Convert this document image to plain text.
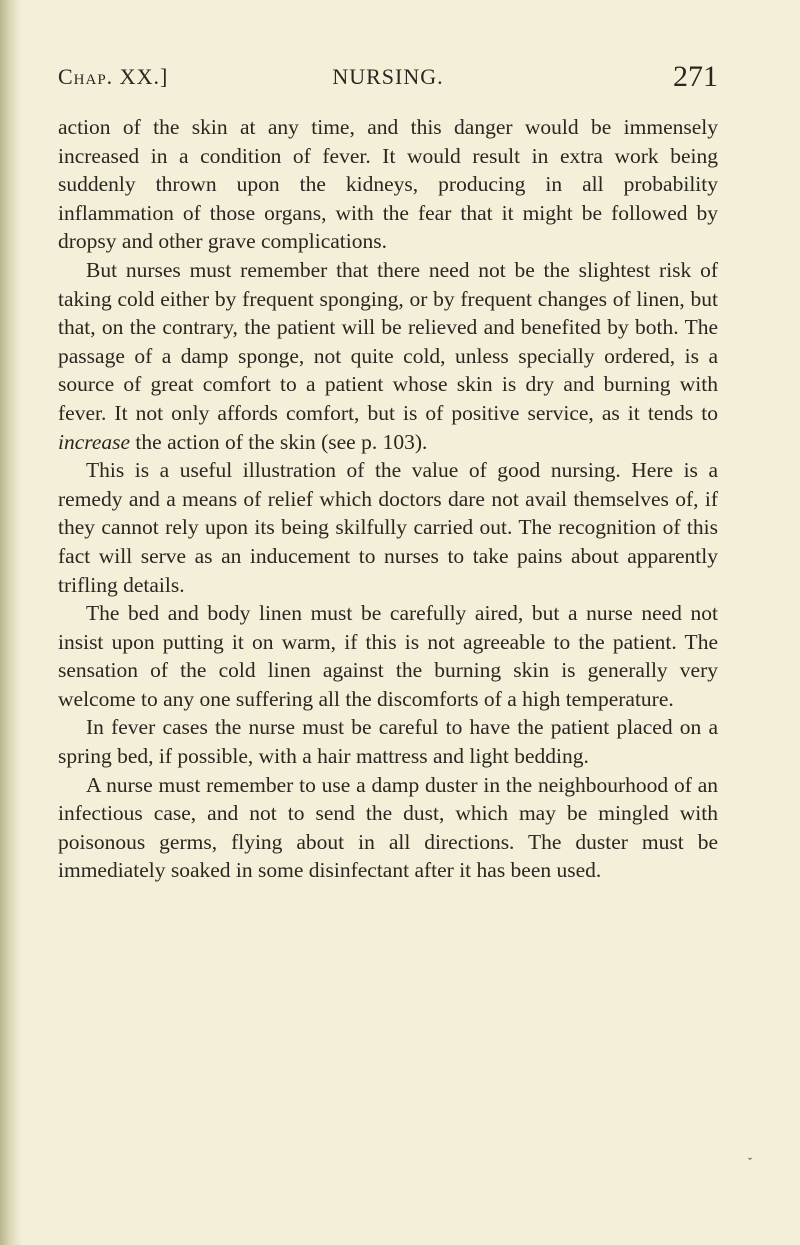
Chap. XX.]	NURSING.	271

action of the skin at any time, and this danger would be immensely increased in a condition of fever. It would result in extra work being suddenly thrown upon the kidneys, producing in all probability inflammation of those organs, with the fear that it might be followed by dropsy and other grave complications.

But nurses must remember that there need not be the slightest risk of taking cold either by frequent sponging, or by frequent changes of linen, but that, on the contrary, the patient will be relieved and benefited by both. The passage of a damp sponge, not quite cold, unless specially ordered, is a source of great comfort to a patient whose skin is dry and burning with fever. It not only affords comfort, but is of positive service, as it tends to increase the action of the skin (see p. 103).

This is a useful illustration of the value of good nursing. Here is a remedy and a means of relief which doctors dare not avail themselves of, if they cannot rely upon its being skilfully carried out. The recognition of this fact will serve as an inducement to nurses to take pains about apparently trifling details.

The bed and body linen must be carefully aired, but a nurse need not insist upon putting it on warm, if this is not agreeable to the patient. The sensation of the cold linen against the burning skin is generally very welcome to any one suffering all the discomforts of a high temperature.

In fever cases the nurse must be careful to have the patient placed on a spring bed, if possible, with a hair mattress and light bedding.

A nurse must remember to use a damp duster in the neighbourhood of an infectious case, and not to send the dust, which may be mingled with poisonous germs, flying about in all directions. The duster must be immediately soaked in some disinfectant after it has been used.

ˇ
